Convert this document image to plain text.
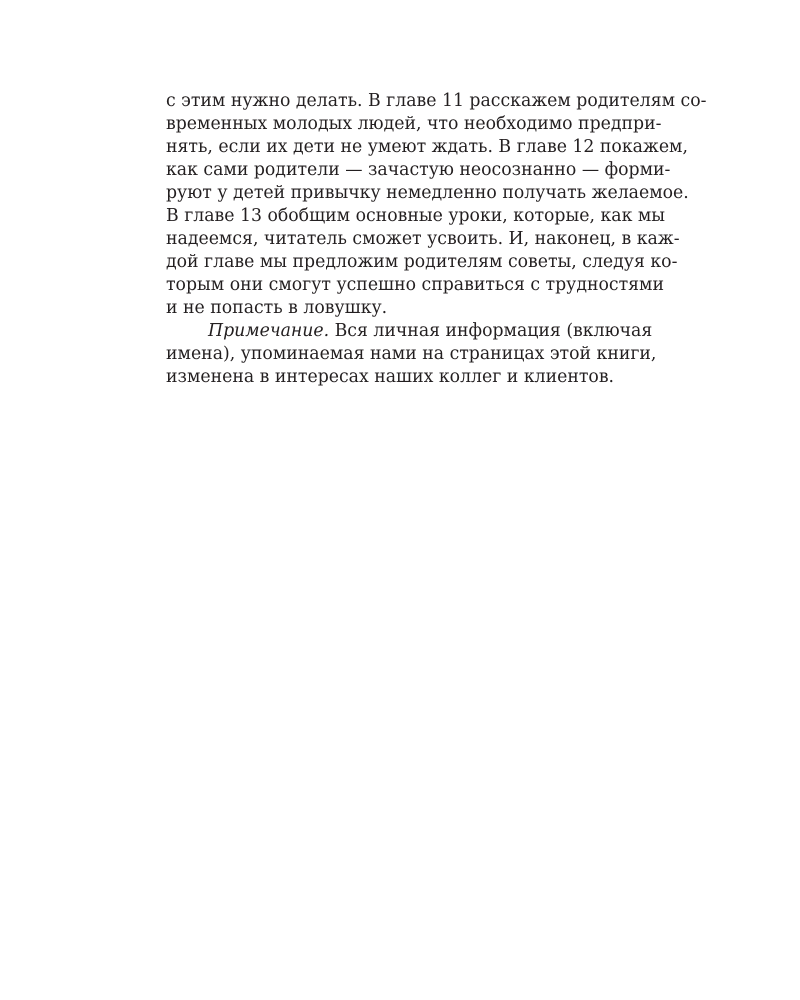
с этим нужно делать. В главе 11 расскажем родителям со-
временных молодых людей, что необходимо предпри-
нять, если их дети не умеют ждать. В главе 12 покажем,
как сами родители — зачастую неосознанно — форми-
руют у детей привычку немедленно получать желаемое.
В главе 13 обобщим основные уроки, которые, как мы
надеемся, читатель сможет усвоить. И, наконец, в каж-
дой главе мы предложим родителям советы, следуя ко-
торым они смогут успешно справиться с трудностями
и не попасть в ловушку.
Примечание. Вся личная информация (включая
имена), упоминаемая нами на страницах этой книги,
изменена в интересах наших коллег и клиентов.
